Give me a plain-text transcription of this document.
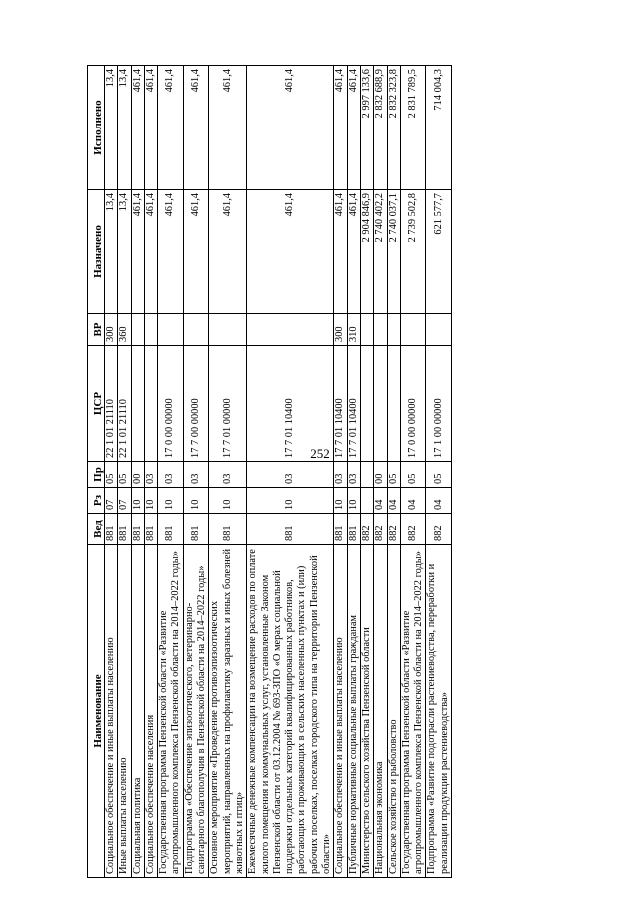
252
Наименование	Вед	Рз	Пр	ЦСР	ВР	Назначено	Исполнено
Социальное обеспечение и иные выплаты населению	881	07	05	22 1 01 21110	300	13,4	13,4
Иные выплаты населению	881	07	05	22 1 01 21110	360	13,4	13,4
Социальная политика	881	10	00			461,4	461,4
Социальное обеспечение населения	881	10	03			461,4	461,4
Государственная программа Пензенской области «Развитие агропромышленного комплекса Пензенской области на 2014–2022 годы»	881	10	03	17 0 00 00000		461,4	461,4
Подпрограмма «Обеспечение эпизоотического, ветеринарно-санитарного благополучия в Пензенской области на 2014–2022 годы»	881	10	03	17 7 00 00000		461,4	461,4
Основное мероприятие «Проведение противоэпизоотических мероприятий, направленных на профилактику заразных и иных болезней животных и птиц»	881	10	03	17 7 01 00000		461,4	461,4
Ежемесячные денежные компенсации на возмещение расходов по оплате жилого помещения и коммунальных услуг, установленные Законом Пензенской области от 03.12.2004 № 693-ЗПО «О мерах социальной поддержки отдельных категорий квалифицированных работников, работающих и проживающих в сельских населенных пунктах и (или) рабочих поселках, поселках городского типа на территории Пензенской области»	881	10	03	17 7 01 10400		461,4	461,4
Социальное обеспечение и иные выплаты населению	881	10	03	17 7 01 10400	300	461,4	461,4
Публичные нормативные социальные выплаты гражданам	881	10	03	17 7 01 10400	310	461,4	461,4
Министерство сельского хозяйства Пензенской области	882					2 904 846,9	2 997 133,6
Национальная экономика	882	04	00			2 740 402,2	2 832 688,9
Сельское хозяйство и рыболовство	882	04	05			2 740 037,1	2 832 323,8
Государственная программа Пензенской области «Развитие агропромышленного комплекса Пензенской области на 2014–2022 годы»	882	04	05	17 0 00 00000		2 739 502,8	2 831 789,5
Подпрограмма «Развитие подотрасли растениеводства, переработки и реализации продукции растениеводства»	882	04	05	17 1 00 00000		621 577,7	714 004,3
